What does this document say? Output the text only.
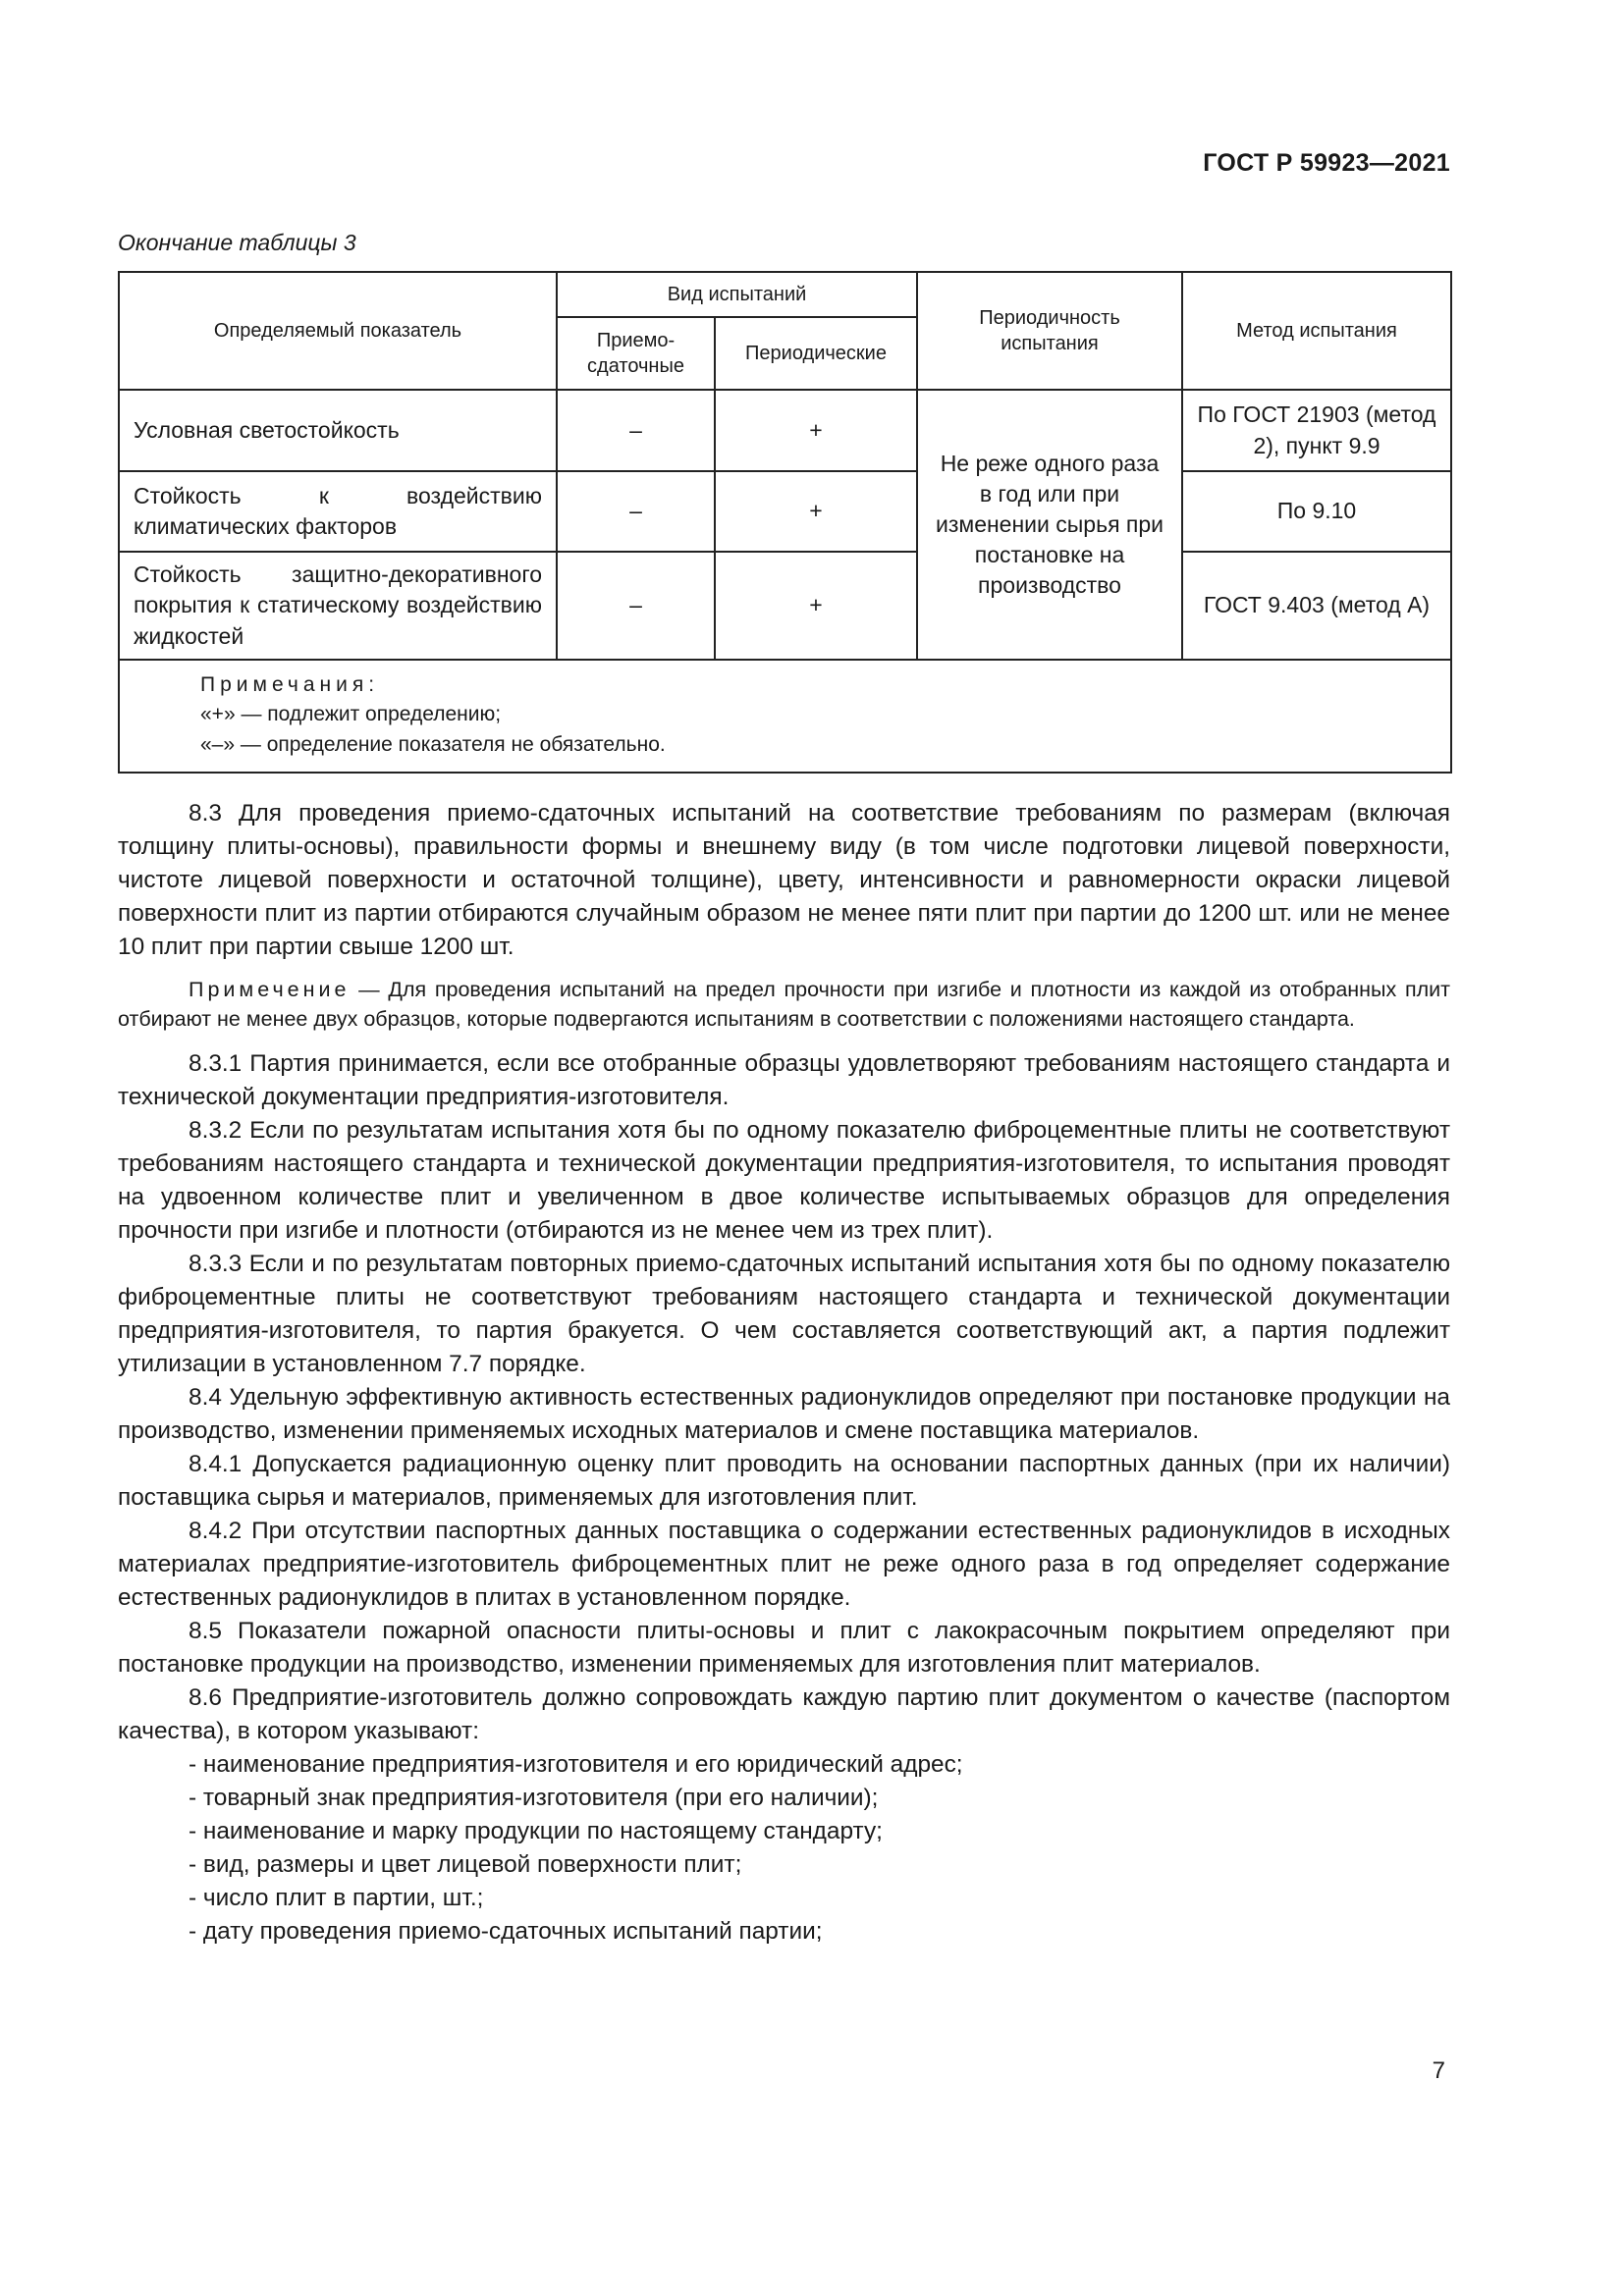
ГОСТ Р 59923—2021
Окончание таблицы 3
Определяемый показатель	Вид испытаний		Периодичность испытания	Метод испытания
	Приемо-сдаточные	Периодические		
Условная светостойкость	–	+	Не реже одного раза в год или при изменении сырья при постановке на производство	По ГОСТ 21903 (метод 2), пункт 9.9
Стойкость к воздействию климатических факторов	–	+		По 9.10
Стойкость защитно-декоративного покрытия к статическому воздействию жидкостей	–	+		ГОСТ 9.403 (метод А)

Примечания:
«+» — подлежит определению;
«–» — определение показателя не обязательно.				

8.3 Для проведения приемо-сдаточных испытаний на соответствие требованиям по размерам (включая толщину плиты-основы), правильности формы и внешнему виду (в том числе подготовки лицевой поверхности, чистоте лицевой поверхности и остаточной толщине), цвету, интенсивности и равномерности окраски лицевой поверхности плит из партии отбираются случайным образом не менее пяти плит при партии до 1200 шт. или не менее 10 плит при партии свыше 1200 шт.

Примечение — Для проведения испытаний на предел прочности при изгибе и плотности из каждой из отобранных плит отбирают не менее двух образцов, которые подвергаются испытаниям в соответствии с положениями настоящего стандарта.

8.3.1 Партия принимается, если все отобранные образцы удовлетворяют требованиям настоящего стандарта и технической документации предприятия-изготовителя.

8.3.2 Если по результатам испытания хотя бы по одному показателю фиброцементные плиты не соответствуют требованиям настоящего стандарта и технической документации предприятия-изготовителя, то испытания проводят на удвоенном количестве плит и увеличенном в двое количестве испытываемых образцов для определения прочности при изгибе и плотности (отбираются из не менее чем из трех плит).

8.3.3 Если и по результатам повторных приемо-сдаточных испытаний испытания хотя бы по одному показателю фиброцементные плиты не соответствуют требованиям настоящего стандарта и технической документации предприятия-изготовителя, то партия бракуется. О чем составляется соответствующий акт, а партия подлежит утилизации в установленном 7.7 порядке.

8.4 Удельную эффективную активность естественных радионуклидов определяют при постановке продукции на производство, изменении применяемых исходных материалов и смене поставщика материалов.

8.4.1 Допускается радиационную оценку плит проводить на основании паспортных данных (при их наличии) поставщика сырья и материалов, применяемых для изготовления плит.

8.4.2 При отсутствии паспортных данных поставщика о содержании естественных радионуклидов в исходных материалах предприятие-изготовитель фиброцементных плит не реже одного раза в год определяет содержание естественных радионуклидов в плитах в установленном порядке.

8.5 Показатели пожарной опасности плиты-основы и плит с лакокрасочным покрытием определяют при постановке продукции на производство, изменении применяемых для изготовления плит материалов.

8.6 Предприятие-изготовитель должно сопровождать каждую партию плит документом о качестве (паспортом качества), в котором указывают:

- наименование предприятия-изготовителя и его юридический адрес;

- товарный знак предприятия-изготовителя (при его наличии);

- наименование и марку продукции по настоящему стандарту;

- вид, размеры и цвет лицевой поверхности плит;

- число плит в партии, шт.;

- дату проведения приемо-сдаточных испытаний партии;

7
